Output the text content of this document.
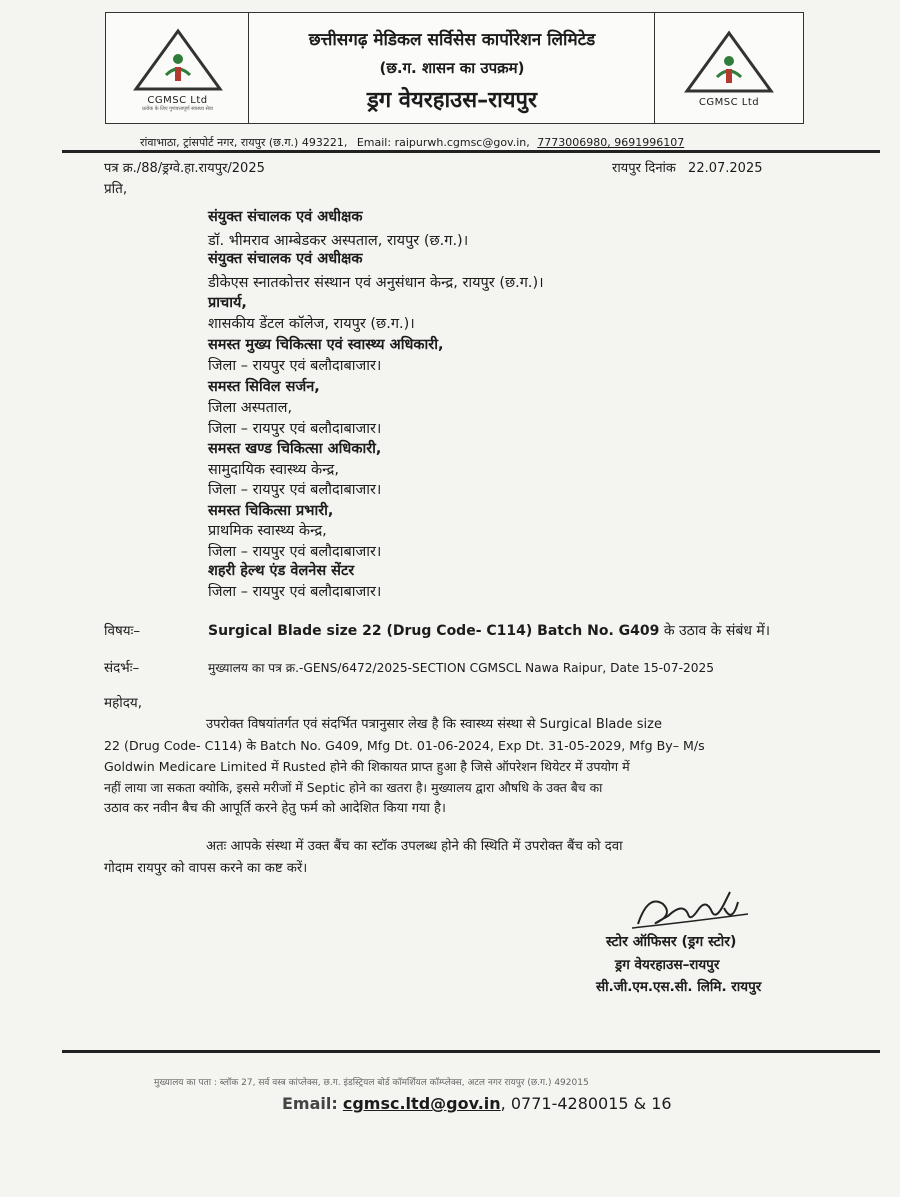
CGMSC Ltd
प्रत्येक के लिए गुणवत्तापूर्ण स्वास्थ्य सेवा
छत्तीसगढ़ मेडिकल सर्विसेस कार्पोरेशन लिमिटेड
(छ.ग. शासन का उपक्रम)
ड्रग वेयरहाउस–रायपुर	CGMSC Ltd
रांवाभाठा, ट्रांसपोर्ट नगर, रायपुर (छ.ग.) 493221, Email: raipurwh.cgmsc@gov.in, 7773006980, 9691996107
पत्र क्र./88/ड्रग्वे.हा.रायपुर/2025	रायपुर दिनांक 22.07.2025
प्रति,
संयुक्त संचालक एवं अधीक्षक
डॉ. भीमराव आम्बेडकर अस्पताल, रायपुर (छ.ग.)।
संयुक्त संचालक एवं अधीक्षक
डीकेएस स्नातकोत्तर संस्थान एवं अनुसंधान केन्द्र, रायपुर (छ.ग.)।
प्राचार्य,
शासकीय डेंटल कॉलेज, रायपुर (छ.ग.)।
समस्त मुख्य चिकित्सा एवं स्वास्थ्य अधिकारी,
जिला – रायपुर एवं बलौदाबाजार।
समस्त सिविल सर्जन,
जिला अस्पताल,
जिला – रायपुर एवं बलौदाबाजार।
समस्त खण्ड चिकित्सा अधिकारी,
सामुदायिक स्वास्थ्य केन्द्र,
जिला – रायपुर एवं बलौदाबाजार।
समस्त चिकित्सा प्रभारी,
प्राथमिक स्वास्थ्य केन्द्र,
जिला – रायपुर एवं बलौदाबाजार।
शहरी हेल्थ एंड वेलनेस सेंटर
जिला – रायपुर एवं बलौदाबाजार।
विषयः–	Surgical Blade size 22 (Drug Code- C114) Batch No. G409 के उठाव के संबंध में।
संदर्भः–	मुख्यालय का पत्र क्र.-GENS/6472/2025-SECTION CGMSCL Nawa Raipur, Date 15-07-2025
महोदय,
उपरोक्त विषयांतर्गत एवं संदर्भित पत्रानुसार लेख है कि स्वास्थ्य संस्था से Surgical Blade size
22 (Drug Code- C114) के Batch No. G409, Mfg Dt. 01-06-2024, Exp Dt. 31-05-2029, Mfg By– M/s
Goldwin Medicare Limited में Rusted होने की शिकायत प्राप्त हुआ है जिसे ऑपरेशन थियेटर में उपयोग में
नहीं लाया जा सकता क्योकि, इससे मरीजों में Septic होने का खतरा है। मुख्यालय द्वारा औषधि के उक्त बैच का
उठाव कर नवीन बैच की आपूर्ति करने हेतु फर्म को आदेशित किया गया है।
अतः आपके संस्था में उक्त बैंच का स्टॉक उपलब्ध होने की स्थिति में उपरोक्त बैंच को दवा
गोदाम रायपुर को वापस करने का कष्ट करें।
स्टोर ऑफिसर (ड्रग स्टोर)
ड्रग वेयरहाउस–रायपुर
सी.जी.एम.एस.सी. लिमि. रायपुर
मुख्यालय का पता : ब्लॉक 27, सर्व वस्त्र कांप्लेक्स, छ.ग. इंडस्ट्रियल बोर्ड कॉमर्शियल कॉम्प्लेक्स, अटल नगर रायपुर (छ.ग.) 492015
Email: cgmsc.ltd@gov.in, 0771-4280015 & 16
